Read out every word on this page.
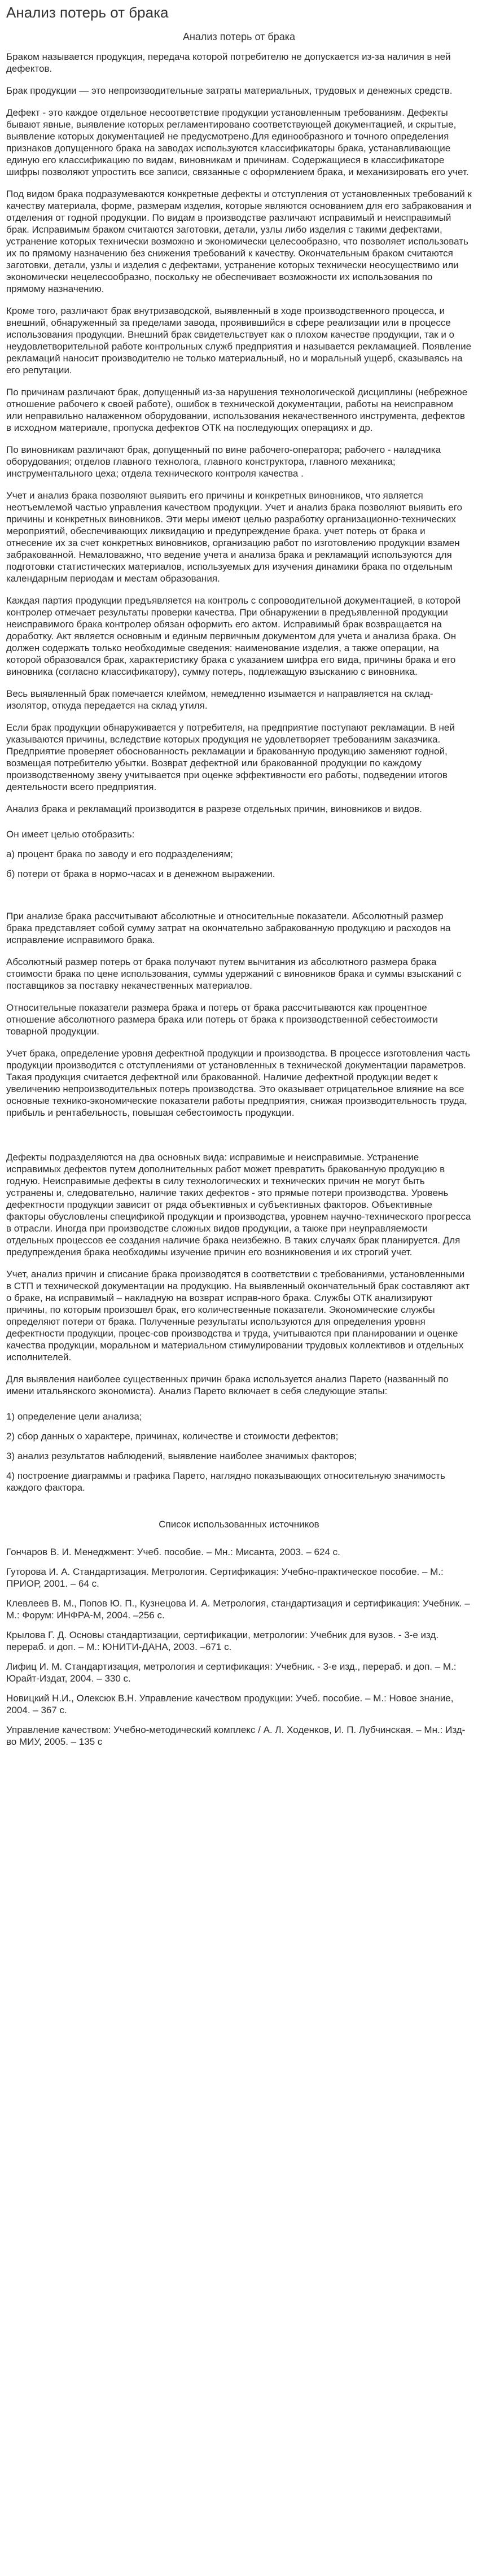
Анализ потерь от брака
Анализ потерь от брака
Браком называется продукция, передача которой потребителю не допускается из-за наличия в ней дефектов.
Брак продукции — это непроизводительные затраты материальных, трудовых и денежных средств.
Дефект - это каждое отдельное несоответствие продукции установленным требованиям. Дефекты бывают явные, выявление которых регламентировано соответствующей документацией, и скрытые, выявление которых документацией не предусмотрено.Для единообразного и точного определения признаков допущенного брака на заводах используются классификаторы брака, устанавливающие единую его классификацию по видам, виновникам и причинам. Содержащиеся в классификаторе шифры позволяют упростить все записи, связанные с оформлением брака, и механизировать его учет.
Под видом брака подразумеваются конкретные дефекты и отступления от установленных требований к качеству материала, форме, размерам изделия, которые являются основанием для его забракования и отделения от годной продукции. По видам в производстве различают исправимый и неисправимый брак. Исправимым браком считаются заготовки, детали, узлы либо изделия с такими дефектами, устранение которых технически возможно и экономически целесообразно, что позволяет использовать их по прямому назначению без снижения требований к качеству. Окончательным браком считаются заготовки, детали, узлы и изделия с дефектами, устранение которых технически неосуществимо или экономически нецелесообразно, поскольку не обеспечивает возможности их использования по прямому назначению.
Кроме того, различают брак внутризаводской, выявленный в ходе производственного процесса, и внешний, обнаруженный за пределами завода, проявившийся в сфере реализации или в процессе использования продукции. Внешний брак свидетельствует как о плохом качестве продукции, так и о неудовлетворительной работе контрольных служб предприятия и называется рекламацией. Появление рекламаций наносит производителю не только материальный, но и моральный ущерб, сказываясь на его репутации.
По причинам различают брак, допущенный из-за нарушения технологической дисциплины (небрежное отношение рабочего к своей работе), ошибок в технической документации, работы на неисправном или неправильно налаженном оборудовании, использования некачественного инструмента, дефектов в исходном материале, пропуска дефектов ОТК на последующих операциях и др.
По виновникам различают брак, допущенный по вине рабочего-оператора; рабочего - наладчика оборудования; отделов главного технолога, главного конструктора, главного механика; инструментального цеха; отдела технического контроля качества .
Учет и анализ брака позволяют выявить его причины и конкретных виновников, что является неотъемлемой частью управления качеством продукции. Учет и анализ брака позволяют выявить его причины и конкретных виновников. Эти меры имеют целью разработку организационно-технических мероприятий, обеспечивающих ликвидацию и предупреждение брака. учет потерь от брака и отнесение их за счет конкретных виновников, организацию работ по изготовлению продукции взамен забракованной. Немаловажно, что ведение учета и анализа брака и рекламаций используются для подготовки статистических материалов, используемых для изучения динамики брака по отдельным календарным периодам и местам образования.
Каждая партия продукции предъявляется на контроль с сопроводительной документацией, в которой контролер отмечает результаты проверки качества. При обнаружении в предъявленной продукции неисправимого брака контролер обязан оформить его актом. Исправимый брак возвращается на доработку. Акт является основным и единым первичным документом для учета и анализа брака. Он должен содержать только необходимые сведения: наименование изделия, а также операции, на которой образовался брак, характеристику брака с указанием шифра его вида, причины брака и его виновника (согласно классификатору), сумму потерь, подлежащую взысканию с виновника.
Весь выявленный брак помечается клеймом, немедленно изымается и направляется на склад-изолятор, откуда передается на склад утиля.
Если брак продукции обнаруживается у потребителя, на предприятие поступают рекламации. В ней указываются причины, вследствие которых продукция не удовлетворяет требованиям заказчика. Предприятие проверяет обоснованность рекламации и бракованную продукцию заменяют годной, возмещая потребителю убытки. Возврат дефектной или бракованной продукции по каждому производственному звену учитывается при оценке эффективности его работы, подведении итогов деятельности всего предприятия.
Анализ брака и рекламаций производится в разрезе отдельных причин, виновников и видов.
Он имеет целью отобразить:
а) процент брака по заводу и его подразделениям;
б) потери от брака в нормо-часах и в денежном выражении.
При анализе брака рассчитывают абсолютные и относительные показатели. Абсолютный размер брака представляет собой сумму затрат на окончательно забракованную продукцию и расходов на исправление исправимого брака.
Абсолютный размер потерь от брака получают путем вычитания из абсолютного размера брака стоимости брака по цене использования, суммы удержаний с виновников брака и суммы взысканий с поставщиков за поставку некачественных материалов.
Относительные показатели размера брака и потерь от брака рассчитываются как процентное отношение абсолютного размера брака или потерь от брака к производственной себестоимости товарной продукции.
Учет брака, определение уровня дефектной продукции и производства. В процессе изготовления часть продукции производится с отступлениями от установленных в технической документации параметров. Такая продукция считается дефектной или бракованной. Наличие дефектной продукции ведет к увеличению непроизводительных потерь производства. Это оказывает отрицательное влияние на все основные технико-экономические показатели работы предприятия, снижая производительность труда, прибыль и рентабельность, повышая себестоимость продукции.
Дефекты подразделяются на два основных вида: исправимые и неисправимые. Устранение исправимых дефектов путем дополнительных работ может превратить бракованную продукцию в годную. Неисправимые дефекты в силу технологических и технических причин не могут быть устранены и, следовательно, наличие таких дефектов - это прямые потери производства. Уровень дефектности продукции зависит от ряда объективных и субъективных факторов. Объективные факторы обусловлены спецификой продукции и производства, уровнем научно-технического прогресса в отрасли. Иногда при производстве сложных видов продукции, а также при неуправляемости отдельных процессов ее создания наличие брака неизбежно. В таких случаях брак планируется. Для предупреждения брака необходимы изучение причин его возникновения и их строгий учет.
Учет, анализ причин и списание брака производятся в соответствии с требованиями, установленными в СТП и технической документации на продукцию. На выявленный окончательный брак составляют акт о браке, на исправимый – накладную на возврат исправ-ного брака. Службы ОТК анализируют причины, по которым произошел брак, его количественные показатели. Экономические службы определяют потери от брака. Полученные результаты используются для определения уровня дефектности продукции, процес-сов производства и труда, учитываются при планировании и оценке качества продукции, моральном и материальном стимулировании трудовых коллективов и отдельных исполнителей.
Для выявления наиболее существенных причин брака используется анализ Парето (названный по имени итальянского экономиста). Анализ Парето включает в себя следующие этапы:
1) определение цели анализа;
2) сбор данных о характере, причинах, количестве и стоимости дефектов;
3) анализ результатов наблюдений, выявление наиболее значимых факторов;
4) построение диаграммы и графика Парето, наглядно показывающих относительную значимость каждого фактора.
Список использованных источников
Гончаров В. И. Менеджмент: Учеб. пособие. – Мн.: Мисанта, 2003. – 624 с.
Гуторова И. А. Стандартизация. Метрология. Сертификация: Учебно-практическое пособие. – М.: ПРИОР, 2001. – 64 с.
Клевлеев В. М., Попов Ю. П., Кузнецова И. А. Метрология, стандартизация и сертификация: Учебник. – М.: Форум: ИНФРА-М, 2004. –256 с.
Крылова Г. Д. Основы стандартизации, сертификации, метрологии: Учебник для вузов. - 3-е изд. перераб. и доп. – М.: ЮНИТИ-ДАНА, 2003. –671 с.
Лифиц И. М. Стандартизация, метрология и сертификация: Учебник. - 3-е изд., перераб. и доп. – М.: Юрайт-Издат, 2004. – 330 с.
Новицкий Н.И., Олексюк В.Н. Управление качеством продукции: Учеб. пособие. – М.: Новое знание, 2004. – 367 с.
Управление качеством: Учебно-методический комплекс / А. Л. Ходенков, И. П. Лубчинская. – Мн.: Изд-во МИУ, 2005. – 135 с
